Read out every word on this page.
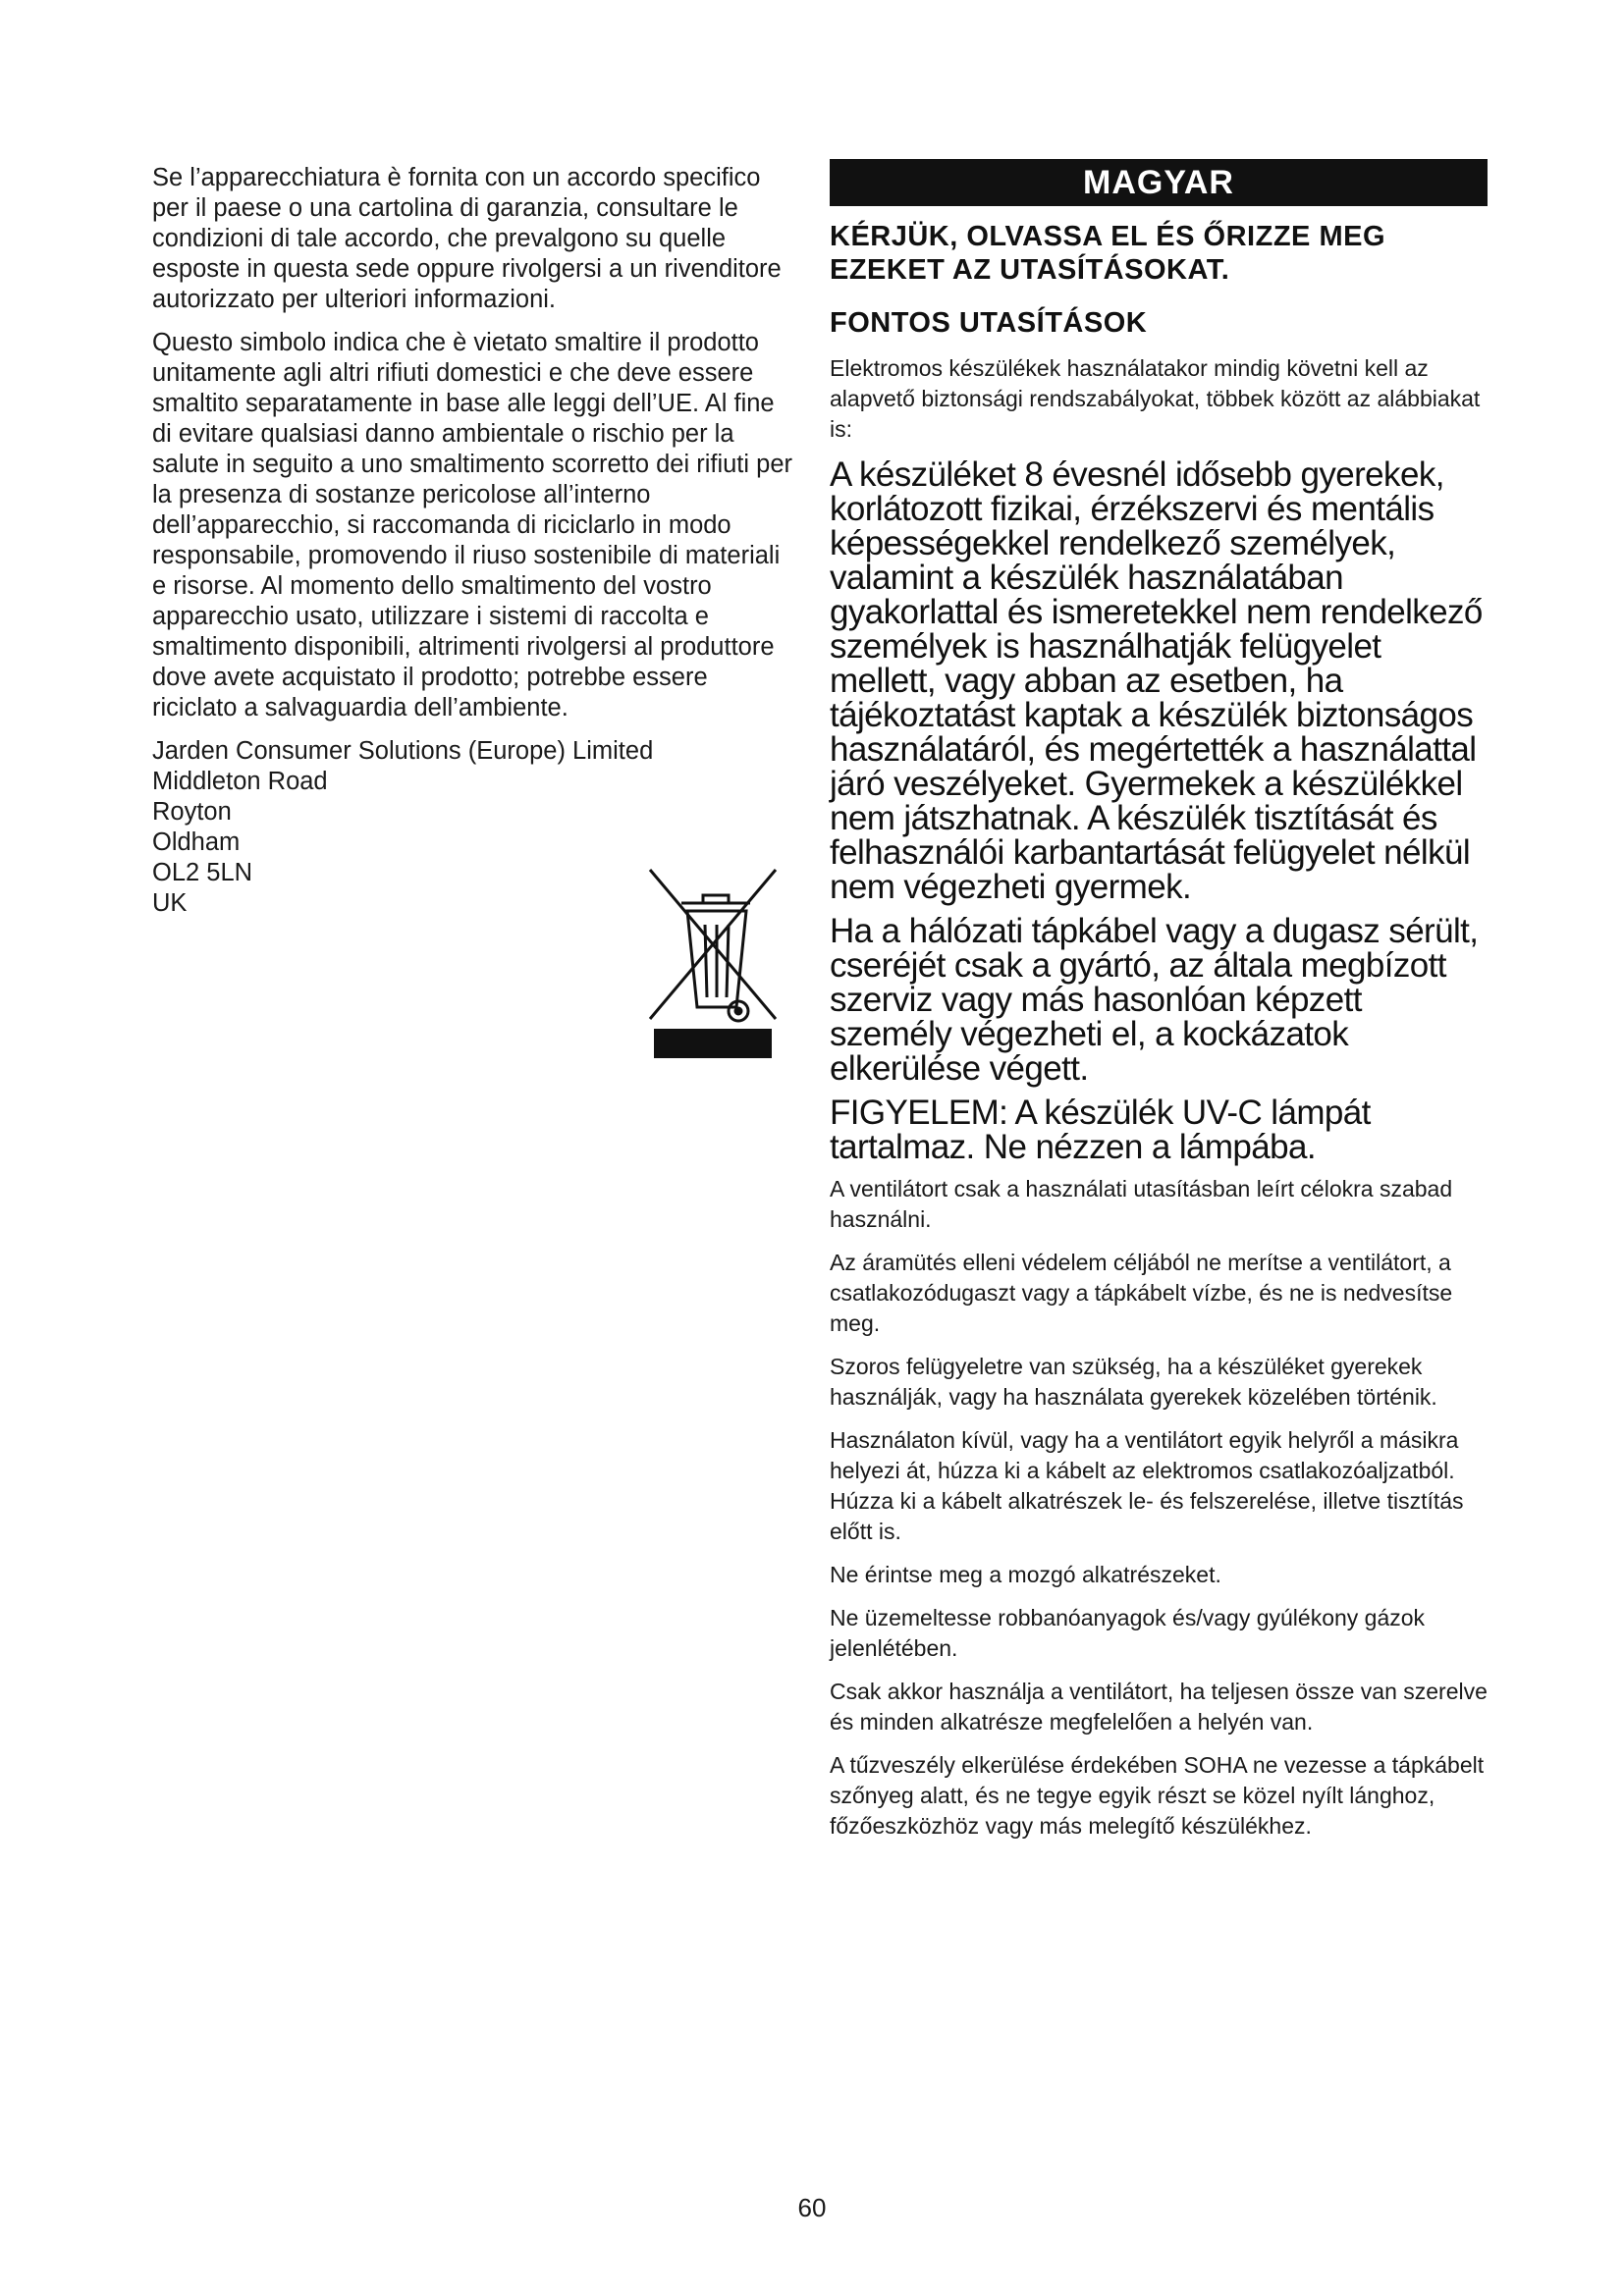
Se l’apparecchiatura è fornita con un accordo specifico per il paese o una cartolina di garanzia, consultare le condizioni di tale accordo, che prevalgono su quelle esposte in questa sede oppure rivolgersi a un rivenditore autorizzato per ulteriori informazioni.

Questo simbolo indica che è vietato smaltire il prodotto unitamente agli altri rifiuti domestici e che deve essere smaltito separatamente in base alle leggi dell’UE. Al fine di evitare qualsiasi danno ambientale o rischio per la salute in seguito a uno smaltimento scorretto dei rifiuti per la presenza di sostanze pericolose all’interno dell’apparecchio, si raccomanda di riciclarlo in modo responsabile, promovendo il riuso sostenibile di materiali e risorse. Al momento dello smaltimento del vostro apparecchio usato, utilizzare i sistemi di raccolta e smaltimento disponibili, altrimenti rivolgersi al produttore dove avete acquistato il prodotto; potrebbe essere riciclato a salvaguardia dell’ambiente.

Jarden Consumer Solutions (Europe) Limited
Middleton Road
Royton
Oldham
OL2 5LN
UK
MAGYAR
KÉRJÜK, OLVASSA EL ÉS ŐRIZZE MEG EZEKET AZ UTASÍTÁSOKAT.
FONTOS UTASÍTÁSOK

Elektromos készülékek használatakor mindig követni kell az alapvető biztonsági rendszabályokat, többek között az alábbiakat is:

A készüléket 8 évesnél idősebb gyerekek, korlátozott fizikai, érzékszervi és mentális képességekkel rendelkező személyek, valamint a készülék használatában gyakorlattal és ismeretekkel nem rendelkező személyek is használhatják felügyelet mellett, vagy abban az esetben, ha tájékoztatást kaptak a készülék biztonságos használatáról, és megértették a használattal járó veszélyeket. Gyermekek a készülékkel nem játszhatnak. A készülék tisztítását és felhasználói karbantartását felügyelet nélkül nem végezheti gyermek.

Ha a hálózati tápkábel vagy a dugasz sérült, cseréjét csak a gyártó, az általa megbízott szerviz vagy más hasonlóan képzett személy végezheti el, a kockázatok elkerülése végett.

FIGYELEM: A készülék UV-C lámpát tartalmaz. Ne nézzen a lámpába.

A ventilátort csak a használati utasításban leírt célokra szabad használni.

Az áramütés elleni védelem céljából ne merítse a ventilátort, a csatlakozódugaszt vagy a tápkábelt vízbe, és ne is nedvesítse meg.

Szoros felügyeletre van szükség, ha a készüléket gyerekek használják, vagy ha használata gyerekek közelében történik.

Használaton kívül, vagy ha a ventilátort egyik helyről a másikra helyezi át, húzza ki a kábelt az elektromos csatlakozóaljzatból. Húzza ki a kábelt alkatrészek le- és felszerelése, illetve tisztítás előtt is.

Ne érintse meg a mozgó alkatrészeket.

Ne üzemeltesse robbanóanyagok és/vagy gyúlékony gázok jelenlétében.

Csak akkor használja a ventilátort, ha teljesen össze van szerelve és minden alkatrésze megfelelően a helyén van.

A tűzveszély elkerülése érdekében SOHA ne vezesse a tápkábelt szőnyeg alatt, és ne tegye egyik részt se közel nyílt lánghoz, főzőeszközhöz vagy más melegítő készülékhez.

60
